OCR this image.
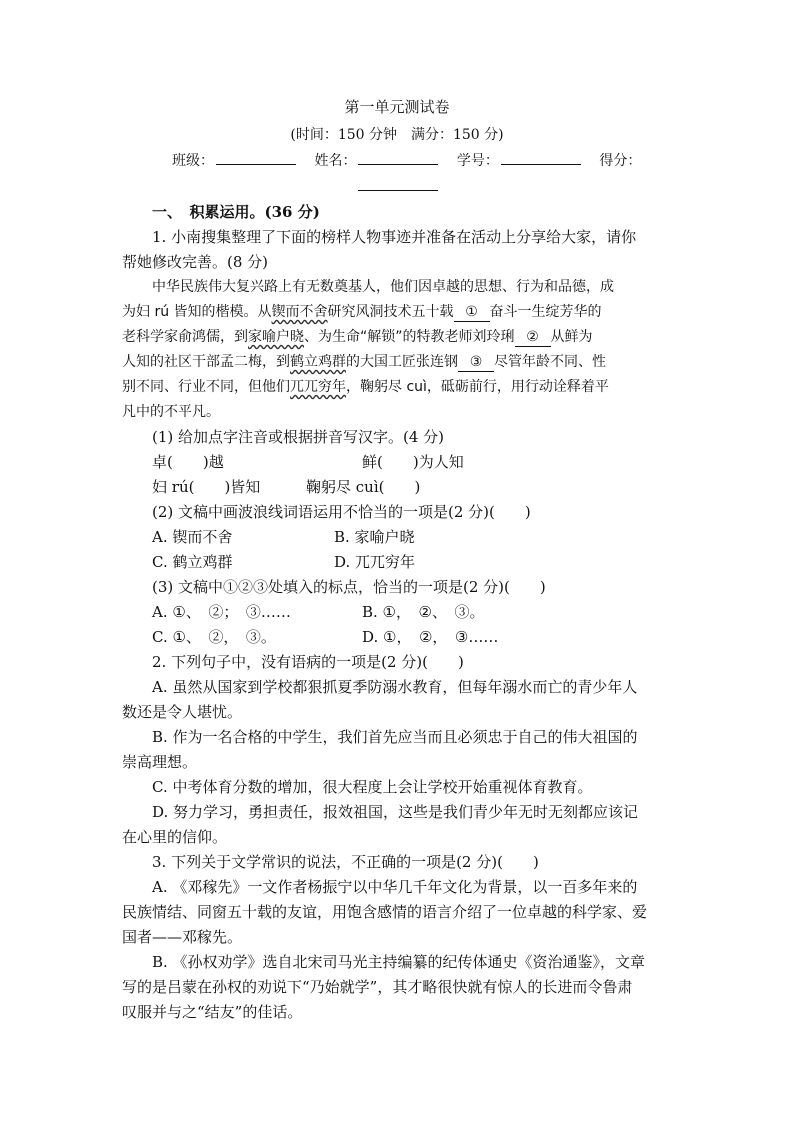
第一单元测试卷
(时间：150 分钟　满分：150 分)
班级：	姓名：	学号：	得分：
一、　积累运用。(36 分)
1. 小南搜集整理了下面的榜样人物事迹并准备在活动上分享给大家，请你
帮她修改完善。(8 分)
中华民族伟大复兴路上有无数奠基人，他们因卓越的思想、行为和品德，成
为妇 rú 皆知的楷模。从锲而不舍研究风洞技术五十载 ① 奋斗一生绽芳华的
老科学家俞鸿儒，到家喻户晓、为生命“解锁”的特教老师刘玲琍 ② 从鲜为
人知的社区干部孟二梅，到鹤立鸡群的大国工匠张连钢 ③ 尽管年龄不同、性
别不同、行业不同，但他们兀兀穷年，鞠躬尽 cuì，砥砺前行，用行动诠释着平
凡中的不平凡。
(1) 给加点字注音或根据拼音写汉字。(4 分)
卓(　　)越	鲜(　　)为人知
妇 rú(　　)皆知	鞠躬尽 cuì(　　)
(2) 文稿中画波浪线词语运用不恰当的一项是(2 分)(　　)
A. 锲而不舍	B. 家喻户晓
C. 鹤立鸡群	D. 兀兀穷年
(3) 文稿中①②③处填入的标点，恰当的一项是(2 分)(　　)
A. ①、　②；　③……	B. ①，　②、　③。
C. ①、　②，　③。	D. ①，　②，　③……
2. 下列句子中，没有语病的一项是(2 分)(　　)
A. 虽然从国家到学校都狠抓夏季防溺水教育，但每年溺水而亡的青少年人
数还是令人堪忧。
B. 作为一名合格的中学生，我们首先应当而且必须忠于自己的伟大祖国的
崇高理想。
C. 中考体育分数的增加，很大程度上会让学校开始重视体育教育。
D. 努力学习，勇担责任，报效祖国，这些是我们青少年无时无刻都应该记
在心里的信仰。
3. 下列关于文学常识的说法，不正确的一项是(2 分)(　　)
A. 《邓稼先》一文作者杨振宁以中华几千年文化为背景，以一百多年来的
民族情结、同窗五十载的友谊，用饱含感情的语言介绍了一位卓越的科学家、爱
国者——邓稼先。
B. 《孙权劝学》选自北宋司马光主持编纂的纪传体通史《资治通鉴》，文章
写的是吕蒙在孙权的劝说下“乃始就学”，其才略很快就有惊人的长进而令鲁肃
叹服并与之“结友”的佳话。
